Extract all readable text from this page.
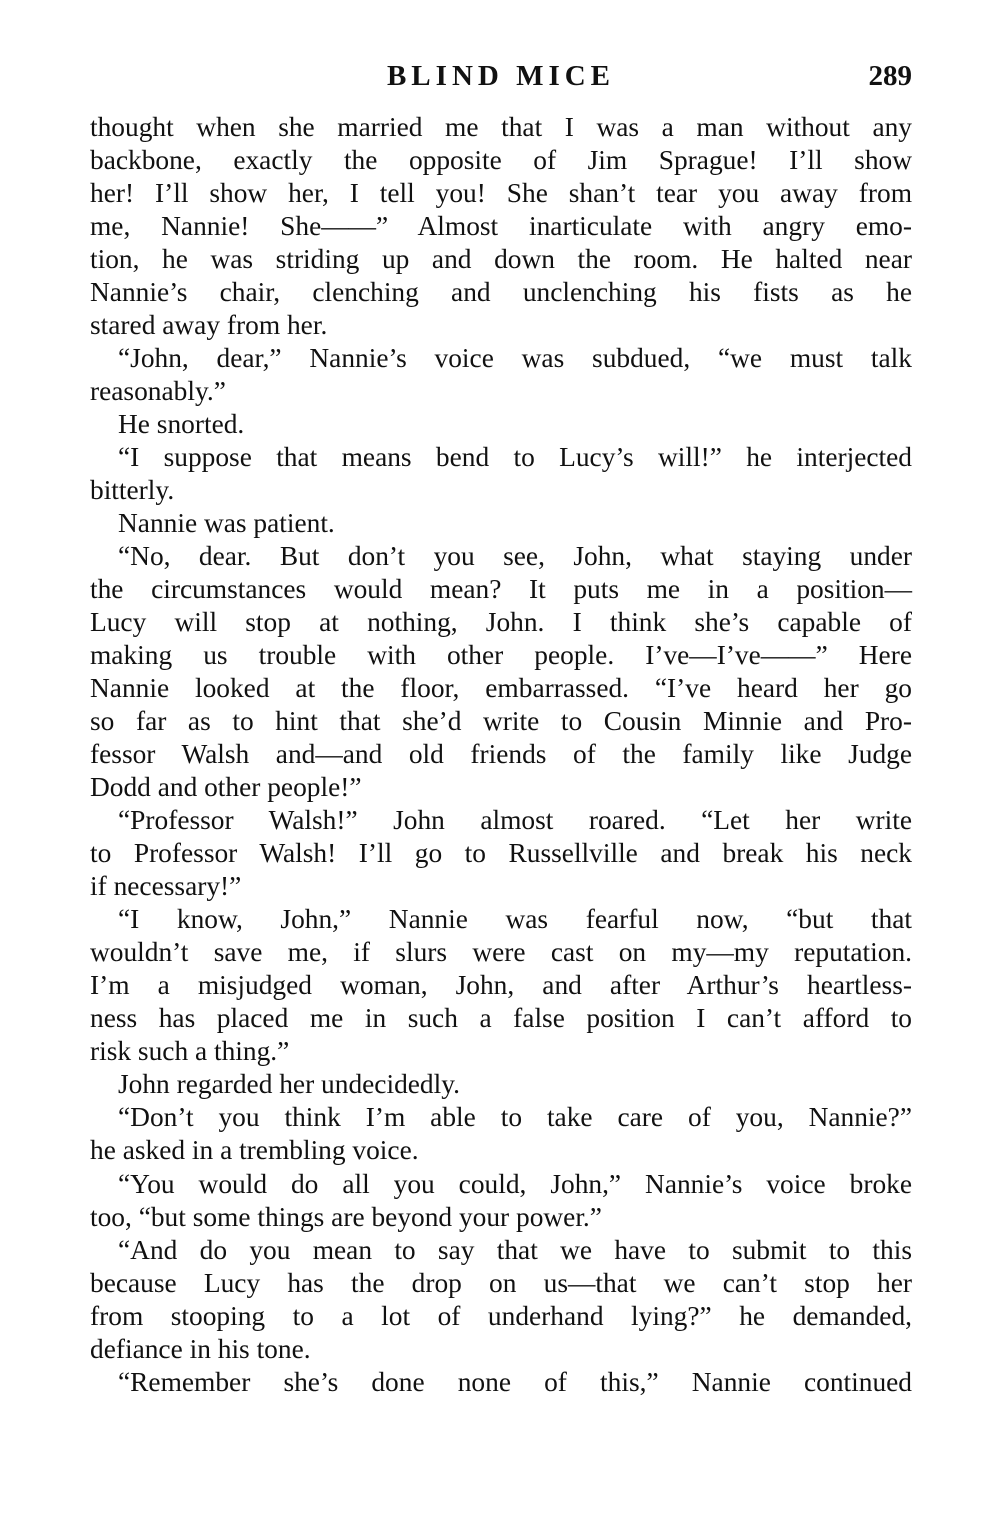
BLIND MICE	289
thought when she married me that I was a man without any
backbone, exactly the opposite of Jim Sprague! I’ll show
her! I’ll show her, I tell you! She shan’t tear you away from
me, Nannie! She——” Almost inarticulate with angry emo-
tion, he was striding up and down the room. He halted near
Nannie’s chair, clenching and unclenching his fists as he
stared away from her.
“John, dear,” Nannie’s voice was subdued, “we must talk
reasonably.”
He snorted.
“I suppose that means bend to Lucy’s will!” he interjected
bitterly.
Nannie was patient.
“No, dear. But don’t you see, John, what staying under
the circumstances would mean? It puts me in a position—
Lucy will stop at nothing, John. I think she’s capable of
making us trouble with other people. I’ve—I’ve——” Here
Nannie looked at the floor, embarrassed. “I’ve heard her go
so far as to hint that she’d write to Cousin Minnie and Pro-
fessor Walsh and—and old friends of the family like Judge
Dodd and other people!”
“Professor Walsh!” John almost roared. “Let her write
to Professor Walsh! I’ll go to Russellville and break his neck
if necessary!”
“I know, John,” Nannie was fearful now, “but that
wouldn’t save me, if slurs were cast on my—my reputation.
I’m a misjudged woman, John, and after Arthur’s heartless-
ness has placed me in such a false position I can’t afford to
risk such a thing.”
John regarded her undecidedly.
“Don’t you think I’m able to take care of you, Nannie?”
he asked in a trembling voice.
“You would do all you could, John,” Nannie’s voice broke
too, “but some things are beyond your power.”
“And do you mean to say that we have to submit to this
because Lucy has the drop on us—that we can’t stop her
from stooping to a lot of underhand lying?” he demanded,
defiance in his tone.
“Remember she’s done none of this,” Nannie continued
